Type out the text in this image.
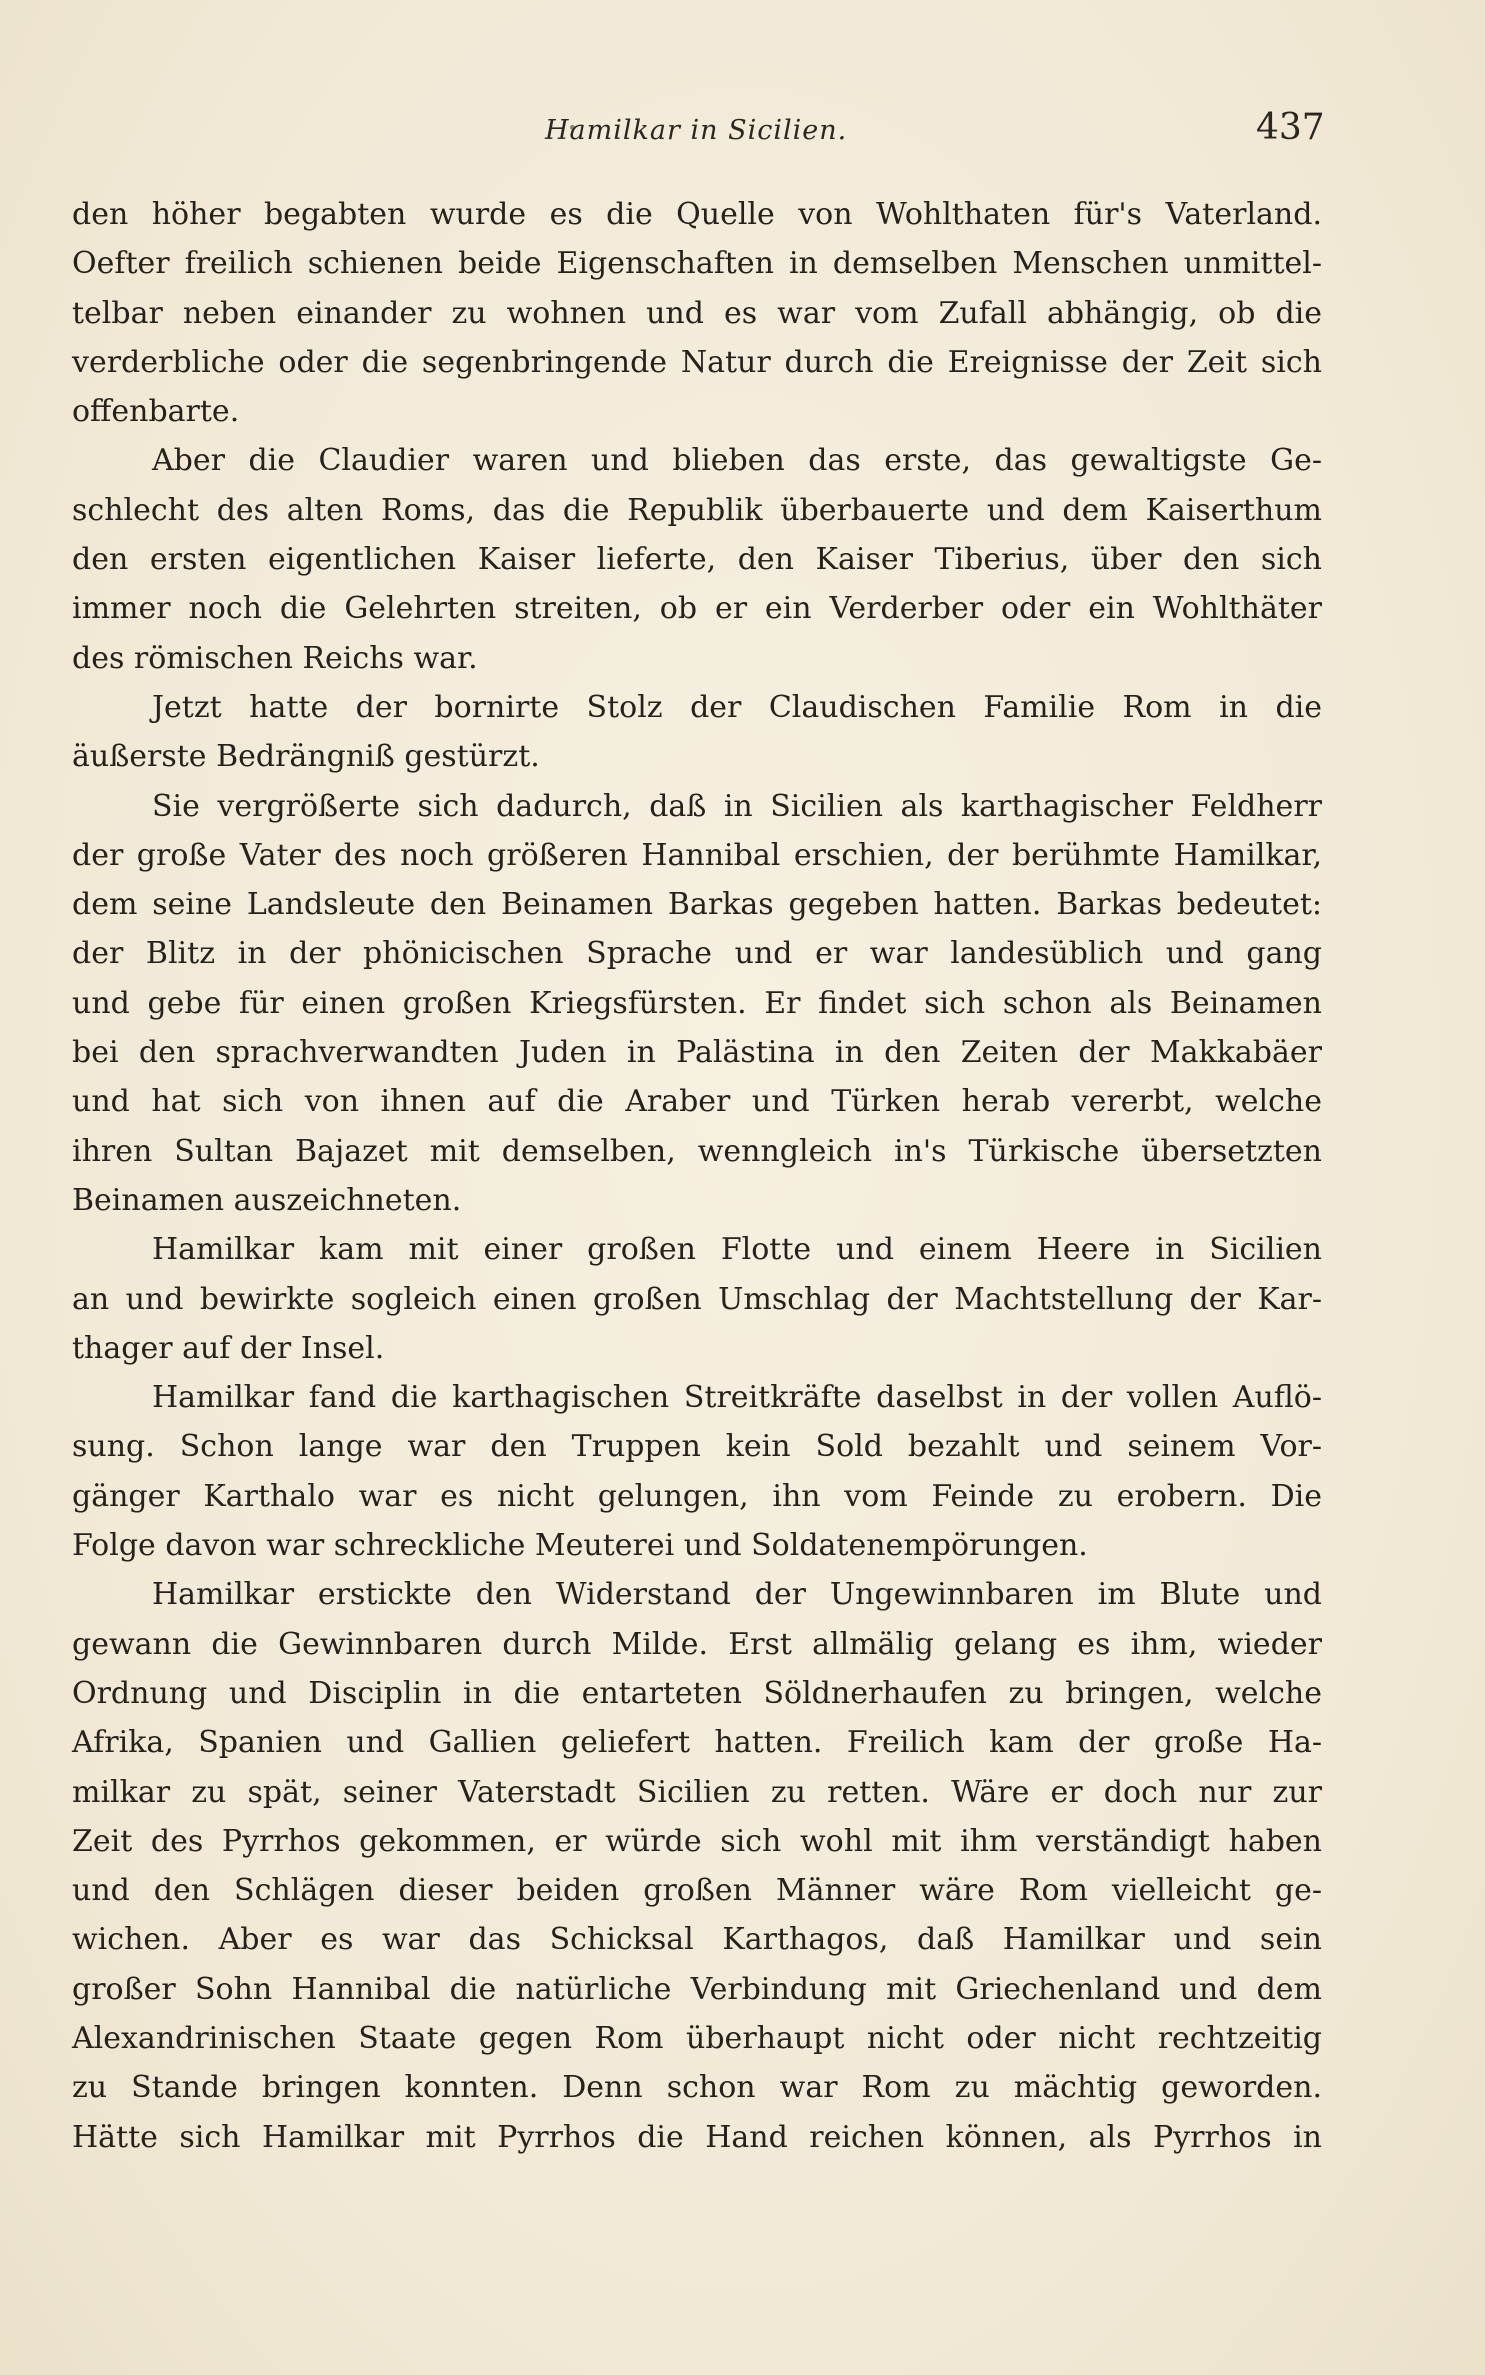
Hamilkar in Sicilien.	437
den höher begabten wurde es die Quelle von Wohlthaten für's Vaterland.
Oefter freilich schienen beide Eigenschaften in demselben Menschen unmittel-
telbar neben einander zu wohnen und es war vom Zufall abhängig, ob die
verderbliche oder die segenbringende Natur durch die Ereignisse der Zeit sich
offenbarte.
Aber die Claudier waren und blieben das erste, das gewaltigste Ge-
schlecht des alten Roms, das die Republik überbauerte und dem Kaiserthum
den ersten eigentlichen Kaiser lieferte, den Kaiser Tiberius, über den sich
immer noch die Gelehrten streiten, ob er ein Verderber oder ein Wohlthäter
des römischen Reichs war.
Jetzt hatte der bornirte Stolz der Claudischen Familie Rom in die
äußerste Bedrängniß gestürzt.
Sie vergrößerte sich dadurch, daß in Sicilien als karthagischer Feldherr
der große Vater des noch größeren Hannibal erschien, der berühmte Hamilkar,
dem seine Landsleute den Beinamen Barkas gegeben hatten. Barkas bedeutet:
der Blitz in der phönicischen Sprache und er war landesüblich und gang
und gebe für einen großen Kriegsfürsten. Er findet sich schon als Beinamen
bei den sprachverwandten Juden in Palästina in den Zeiten der Makkabäer
und hat sich von ihnen auf die Araber und Türken herab vererbt, welche
ihren Sultan Bajazet mit demselben, wenngleich in's Türkische übersetzten
Beinamen auszeichneten.
Hamilkar kam mit einer großen Flotte und einem Heere in Sicilien
an und bewirkte sogleich einen großen Umschlag der Machtstellung der Kar-
thager auf der Insel.
Hamilkar fand die karthagischen Streitkräfte daselbst in der vollen Auflö-
sung. Schon lange war den Truppen kein Sold bezahlt und seinem Vor-
gänger Karthalo war es nicht gelungen, ihn vom Feinde zu erobern. Die
Folge davon war schreckliche Meuterei und Soldatenempörungen.
Hamilkar erstickte den Widerstand der Ungewinnbaren im Blute und
gewann die Gewinnbaren durch Milde. Erst allmälig gelang es ihm, wieder
Ordnung und Disciplin in die entarteten Söldnerhaufen zu bringen, welche
Afrika, Spanien und Gallien geliefert hatten. Freilich kam der große Ha-
milkar zu spät, seiner Vaterstadt Sicilien zu retten. Wäre er doch nur zur
Zeit des Pyrrhos gekommen, er würde sich wohl mit ihm verständigt haben
und den Schlägen dieser beiden großen Männer wäre Rom vielleicht ge-
wichen. Aber es war das Schicksal Karthagos, daß Hamilkar und sein
großer Sohn Hannibal die natürliche Verbindung mit Griechenland und dem
Alexandrinischen Staate gegen Rom überhaupt nicht oder nicht rechtzeitig
zu Stande bringen konnten. Denn schon war Rom zu mächtig geworden.
Hätte sich Hamilkar mit Pyrrhos die Hand reichen können, als Pyrrhos in
